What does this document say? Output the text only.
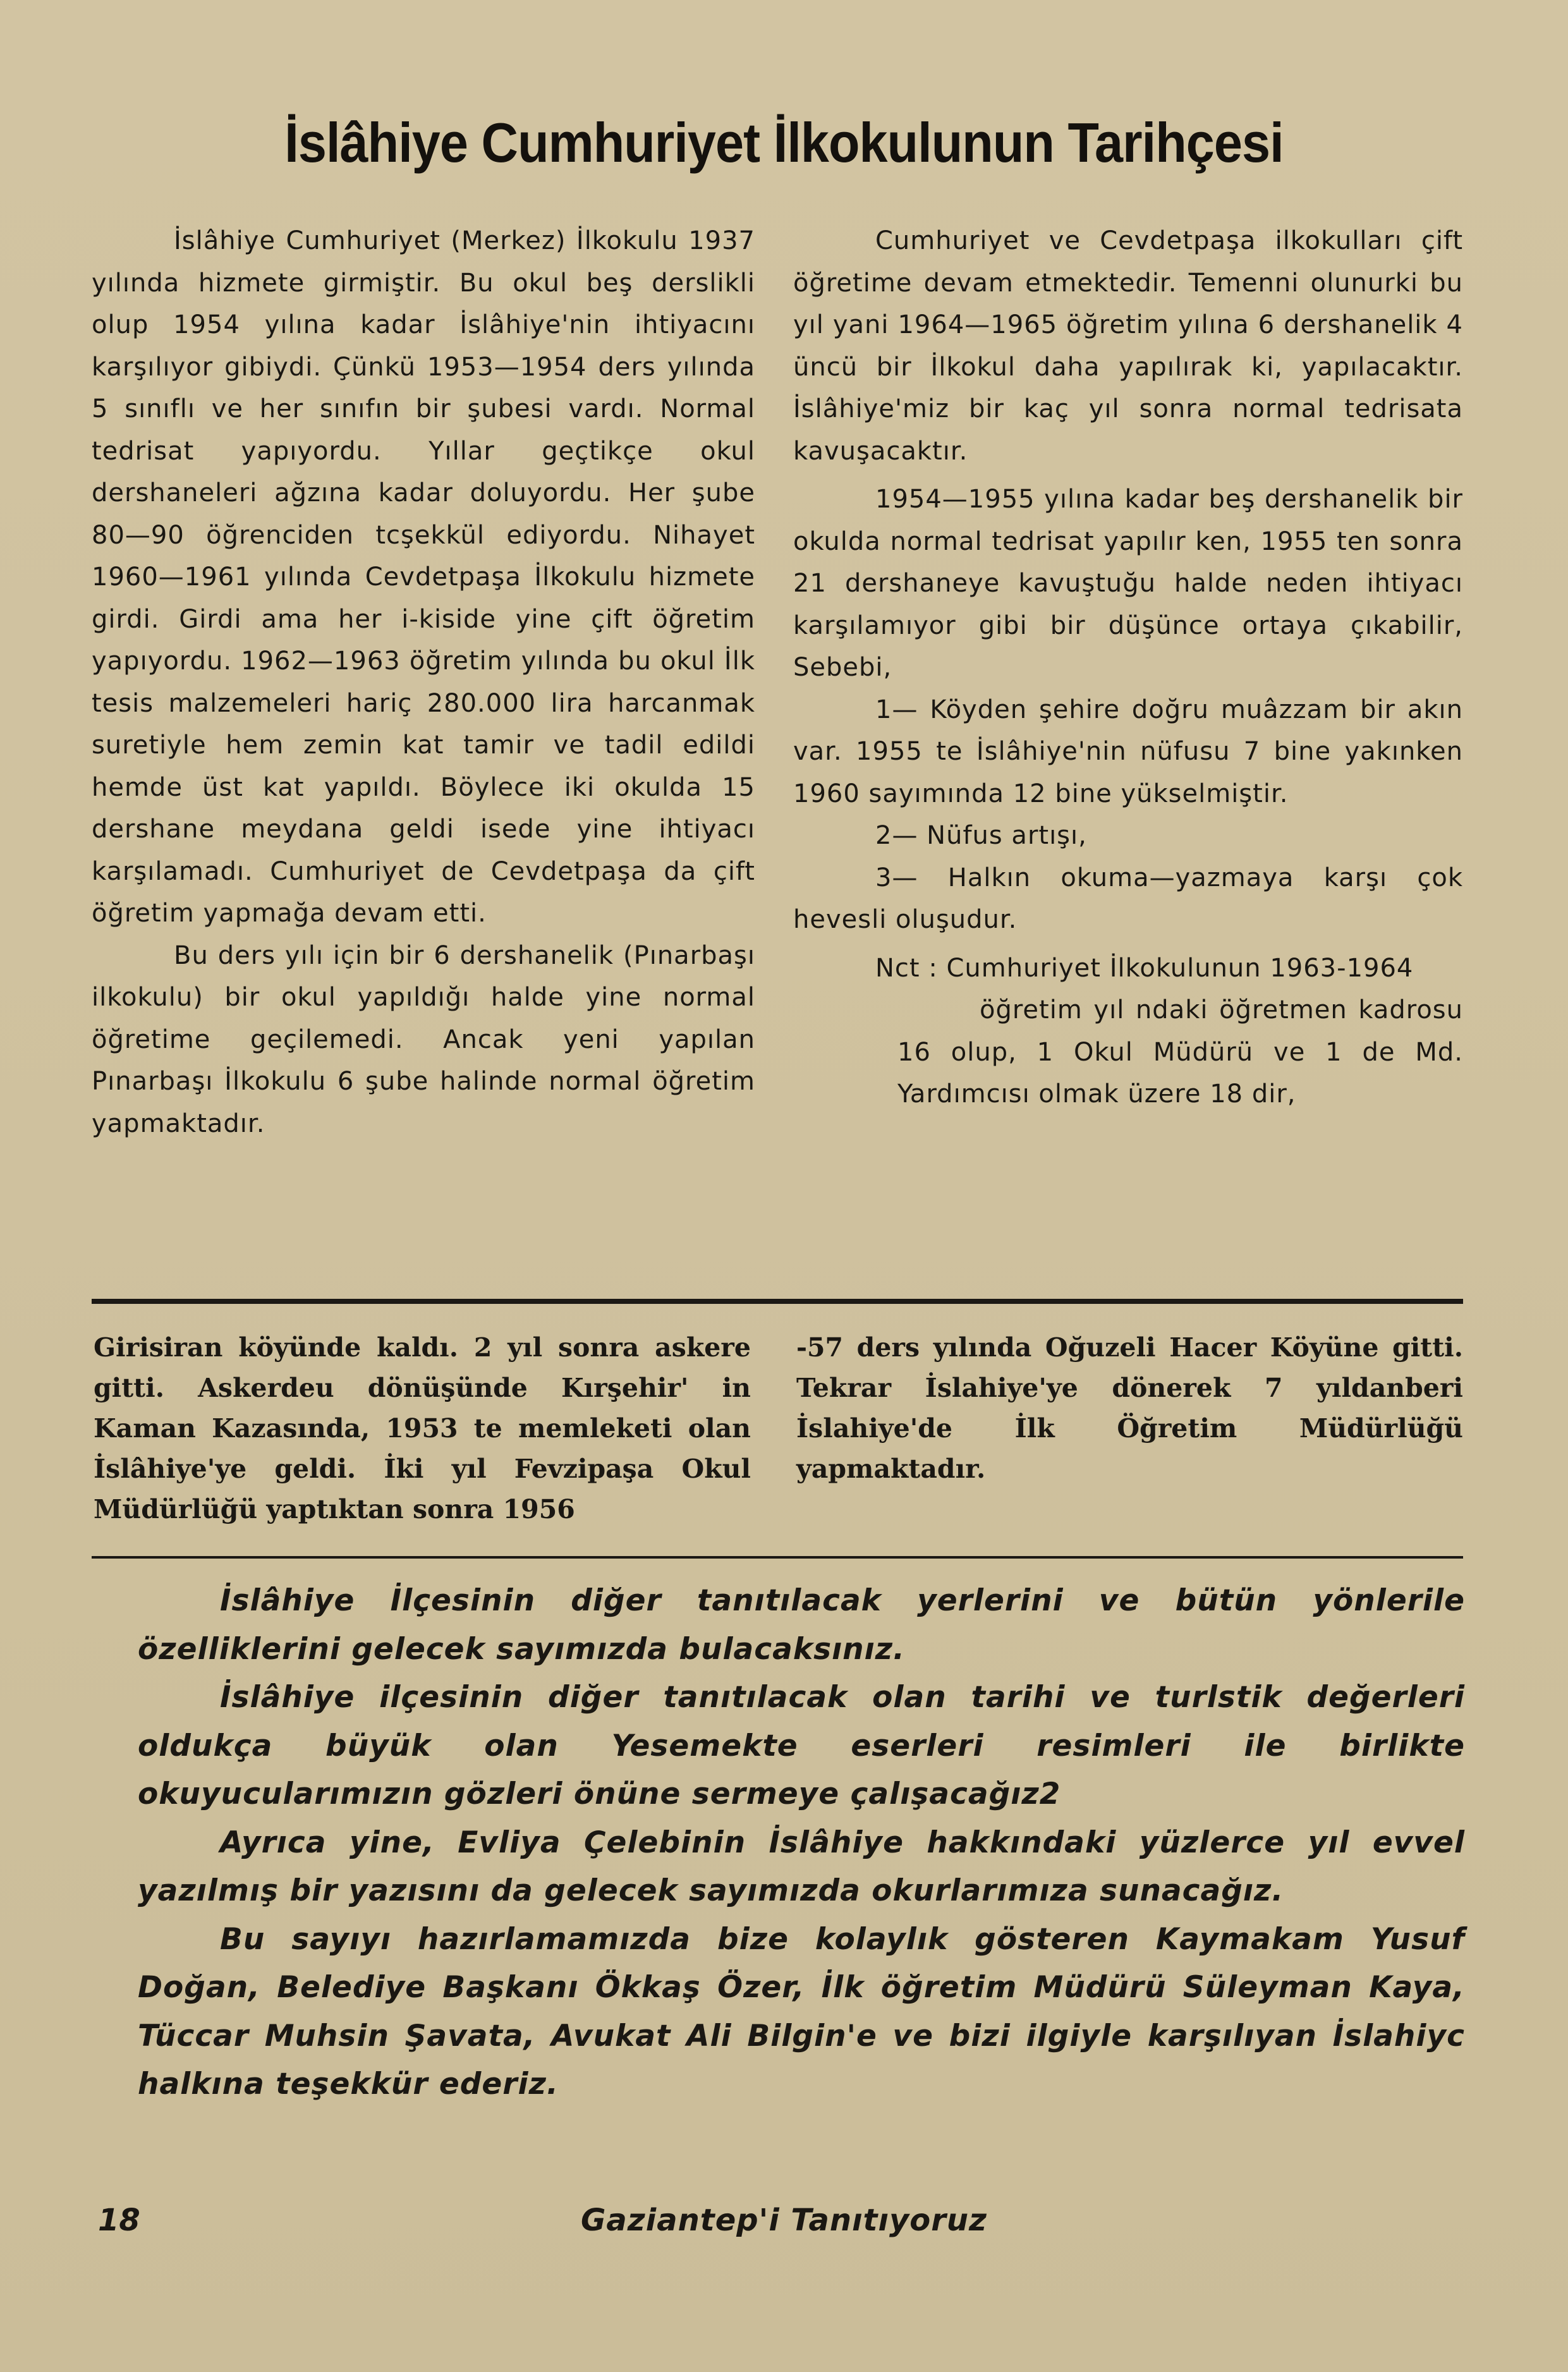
İslâhiye Cumhuriyet İlkokulunun Tarihçesi

İslâhiye Cumhuriyet (Merkez) İlkokulu 1937 yılında hizmete girmiştir. Bu okul beş derslikli olup 1954 yılına kadar İslâhiye'nin ihtiyacını karşılıyor gibiydi. Çünkü 1953—1954 ders yılında 5 sınıflı ve her sınıfın bir şubesi vardı. Normal tedrisat yapıyordu. Yıllar geçtikçe okul dershaneleri ağzına kadar doluyordu. Her şube 80—90 öğrenciden tcşekkül ediyordu. Nihayet 1960—1961 yılında Cevdetpaşa İlkokulu hizmete girdi. Girdi ama her i-kiside yine çift öğretim yapıyordu. 1962—1963 öğretim yılında bu okul İlk tesis malzemeleri hariç 280.000 lira harcanmak suretiyle hem zemin kat tamir ve tadil edildi hemde üst kat yapıldı. Böylece iki okulda 15 dershane meydana geldi isede yine ihtiyacı karşılamadı. Cumhuriyet de Cevdetpaşa da çift öğretim yapmağa devam etti.

Bu ders yılı için bir 6 dershanelik (Pınarbaşı ilkokulu) bir okul yapıldığı halde yine normal öğretime geçilemedi. Ancak yeni yapılan Pınarbaşı İlkokulu 6 şube halinde normal öğretim yapmaktadır.

Cumhuriyet ve Cevdetpaşa ilkokulları çift öğretime devam etmektedir. Temenni olunurki bu yıl yani 1964—1965 öğretim yılına 6 dershanelik 4 üncü bir İlkokul daha yapılırak ki, yapılacaktır. İslâhiye'miz bir kaç yıl sonra normal tedrisata kavuşacaktır.

1954—1955 yılına kadar beş dershanelik bir okulda normal tedrisat yapılır ken, 1955 ten sonra 21 dershaneye kavuştuğu halde neden ihtiyacı karşılamıyor gibi bir düşünce ortaya çıkabilir, Sebebi,

1— Köyden şehire doğru muâzzam bir akın var. 1955 te İslâhiye'nin nüfusu 7 bine yakınken 1960 sayımında 12 bine yükselmiştir.

2— Nüfus artışı,

3— Halkın okuma—yazmaya karşı çok hevesli oluşudur.

Nct : Cumhuriyet İlkokulunun 1963-1964

öğretim yıl ndaki öğretmen kadrosu 16 olup, 1 Okul Müdürü ve 1 de Md. Yardımcısı olmak üzere 18 dir,

Girisiran köyünde kaldı. 2 yıl sonra askere gitti. Askerdeu dönüşünde Kırşehir' in Kaman Kazasında, 1953 te memleketi olan İslâhiye'ye geldi. İki yıl Fevzipaşa Okul Müdürlüğü yaptıktan sonra 1956

-57 ders yılında Oğuzeli Hacer Köyüne gitti. Tekrar İslahiye'ye dönerek 7 yıldanberi İslahiye'de İlk Öğretim Müdürlüğü yapmaktadır.

İslâhiye İlçesinin diğer tanıtılacak yerlerini ve bütün yönlerile özelliklerini gelecek sayımızda bulacaksınız.

İslâhiye ilçesinin diğer tanıtılacak olan tarihi ve turlstik değerleri oldukça büyük olan Yesemekte eserleri resimleri ile birlikte okuyucularımızın gözleri önüne sermeye çalışacağız2

Ayrıca yine, Evliya Çelebinin İslâhiye hakkındaki yüzlerce yıl evvel yazılmış bir yazısını da gelecek sayımızda okurlarımıza sunacağız.

Bu sayıyı hazırlamamızda bize kolaylık gösteren Kaymakam Yusuf Doğan, Belediye Başkanı Ökkaş Özer, İlk öğretim Müdürü Süleyman Kaya, Tüccar Muhsin Şavata, Avukat Ali Bilgin'e ve bizi ilgiyle karşılıyan İslahiyc halkına teşekkür ederiz.

18	Gaziantep'i Tanıtıyoruz
